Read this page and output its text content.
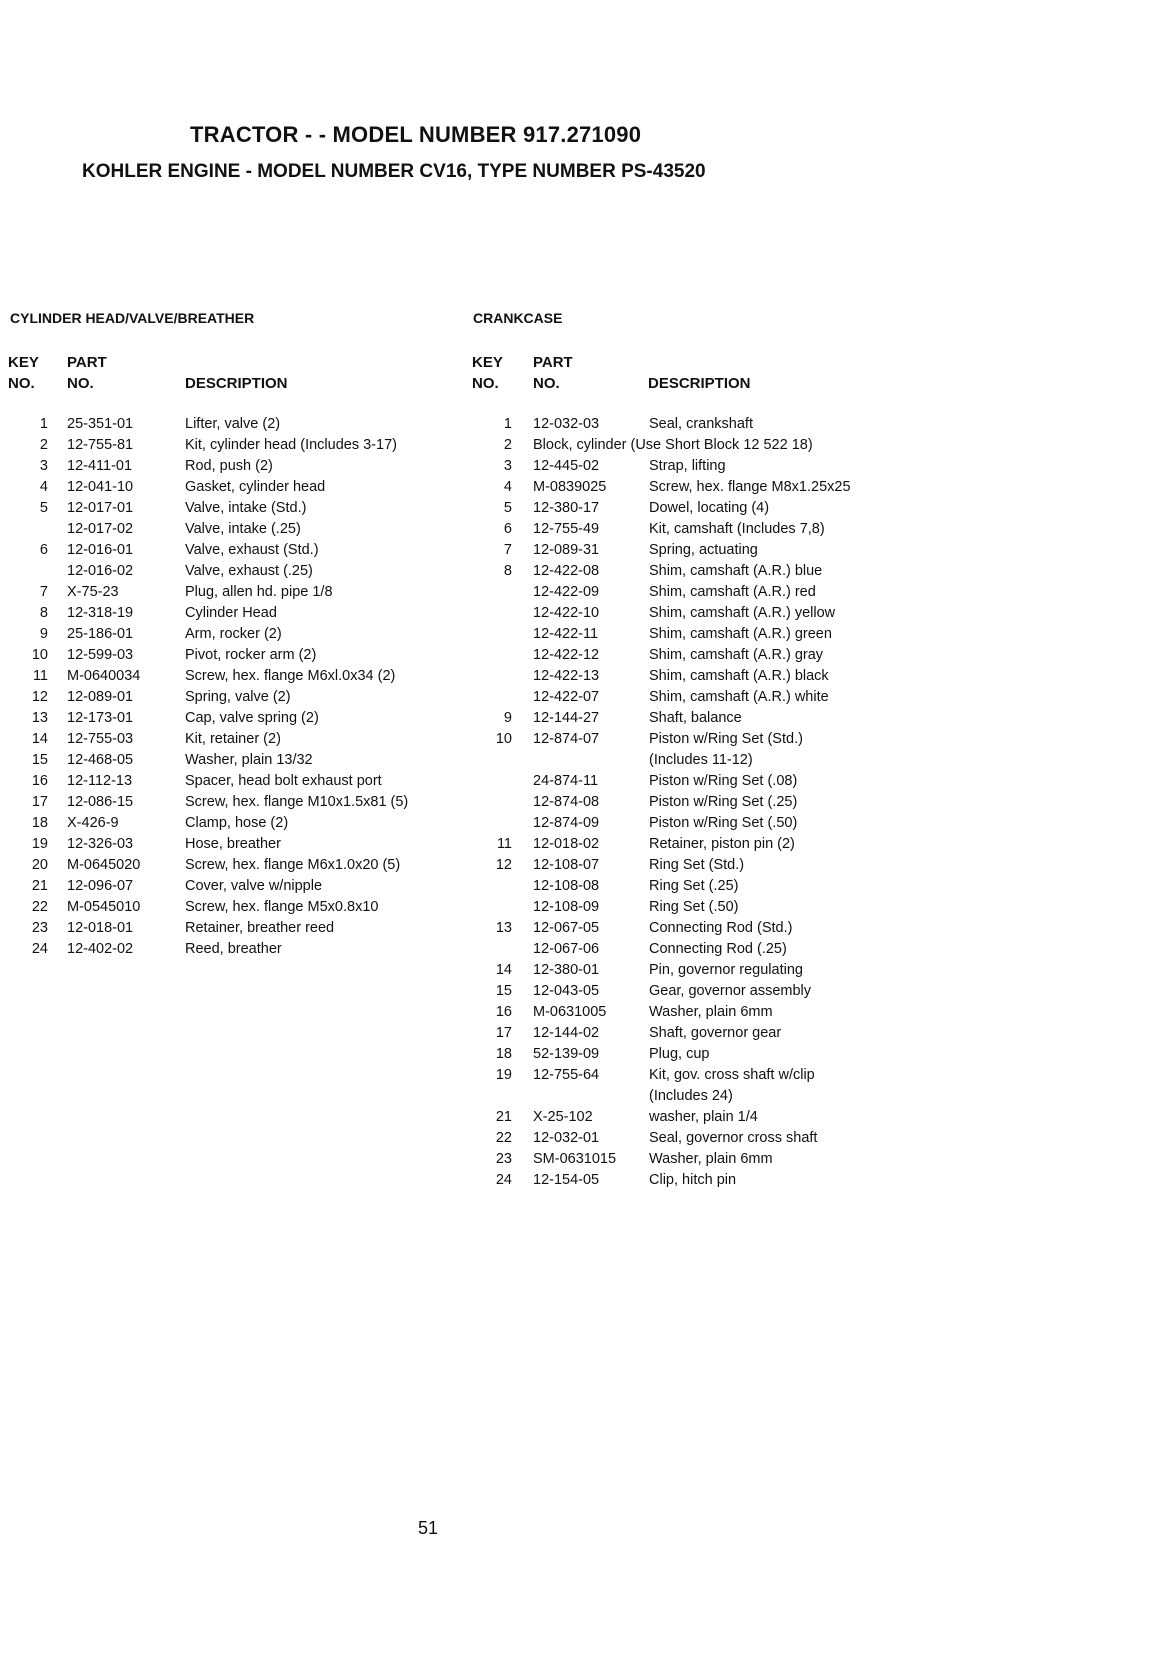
TRACTOR - - MODEL NUMBER 917.271090
KOHLER ENGINE - MODEL NUMBER CV16, TYPE NUMBER PS-43520
CYLINDER HEAD/VALVE/BREATHER
KEY
NO.
PART
NO.	DESCRIPTION
1 25-351-01	Lifter, valve (2)
2 12-755-81	Kit, cylinder head (Includes 3-17)
3 12-411-01	Rod, push (2)
4 12-041-10	Gasket, cylinder head
5 12-017-01	Valve, intake (Std.)
12-017-02	Valve, intake (.25)
6 12-016-01	Valve, exhaust (Std.)
12-016-02	Valve, exhaust (.25)
7 X-75-23	Plug, allen hd. pipe 1/8
8 12-318-19	Cylinder Head
9 25-186-01	Arm, rocker (2)
10 12-599-03	Pivot, rocker arm (2)
11 M-0640034	Screw, hex. flange M6xl.0x34 (2)
12 12-089-01	Spring, valve (2)
13 12-173-01	Cap, valve spring (2)
14 12-755-03	Kit, retainer (2)
15 12-468-05	Washer, plain 13/32
16 12-112-13	Spacer, head bolt exhaust port
17 12-086-15	Screw, hex. flange M10x1.5x81 (5)
18 X-426-9	Clamp, hose (2)
19 12-326-03	Hose, breather
20 M-0645020	Screw, hex. flange M6x1.0x20 (5)
21 12-096-07	Cover, valve w/nipple
22 M-0545010	Screw, hex. flange M5x0.8x10
23 12-018-01	Retainer, breather reed
24 12-402-02	Reed, breather
CRANKCASE
KEY
NO.
PART
NO.	DESCRIPTION
1 12-032-03	Seal, crankshaft
2 Block, cylinder (Use Short Block 12 522 18)
3 12-445-02	Strap, lifting
4 M-0839025	Screw, hex. flange M8x1.25x25
5 12-380-17	Dowel, locating (4)
6 12-755-49	Kit, camshaft (Includes 7,8)
7 12-089-31	Spring, actuating
8 12-422-08	Shim, camshaft (A.R.) blue
12-422-09	Shim, camshaft (A.R.) red
12-422-10	Shim, camshaft (A.R.) yellow
12-422-11	Shim, camshaft (A.R.) green
12-422-12	Shim, camshaft (A.R.) gray
12-422-13	Shim, camshaft (A.R.) black
12-422-07	Shim, camshaft (A.R.) white
9 12-144-27	Shaft, balance
10 12-874-07	Piston w/Ring Set (Std.)
(Includes 11-12)
24-874-11	Piston w/Ring Set (.08)
12-874-08	Piston w/Ring Set (.25)
12-874-09	Piston w/Ring Set (.50)
11 12-018-02	Retainer, piston pin (2)
12 12-108-07	Ring Set (Std.)
12-108-08	Ring Set (.25)
12-108-09	Ring Set (.50)
13 12-067-05	Connecting Rod (Std.)
12-067-06	Connecting Rod (.25)
14 12-380-01	Pin, governor regulating
15 12-043-05	Gear, governor assembly
16 M-0631005	Washer, plain 6mm
17 12-144-02	Shaft, governor gear
18 52-139-09	Plug, cup
19 12-755-64	Kit, gov. cross shaft w/clip
(Includes 24)
21 X-25-102	washer, plain 1/4
22 12-032-01	Seal, governor cross shaft
23 SM-0631015 Washer, plain 6mm
24 12-154-05	Clip, hitch pin
51
